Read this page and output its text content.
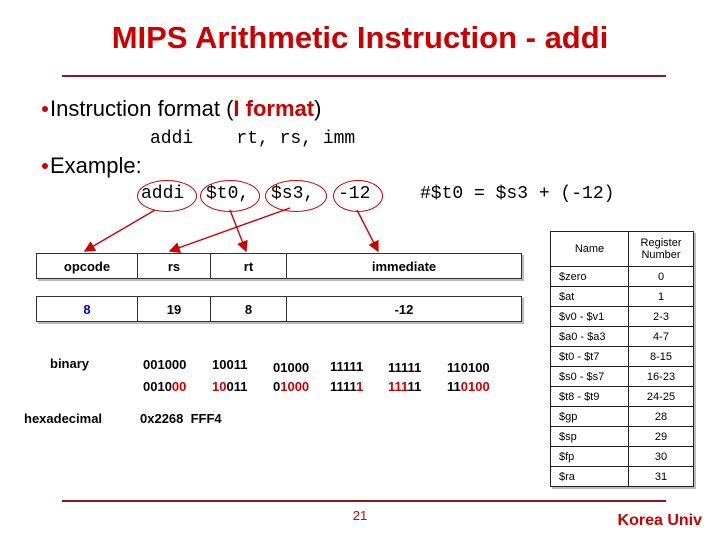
MIPS Arithmetic Instruction - addi
Instruction format (I format)
addi    rt, rs, imm
Example:
addi $t0, $s3, -12	#$t0 = $s3 + (-12)
opcode	rs	rt	immediate
8	19	8	-12
binary	001000 10011 01000 11111 11111 110100
001000 10011 01000 11111 11111 110100
hexadecimal	0x2268  FFF4
Name	Register Number
$zero	0
$at	1
$v0 - $v1	2-3
$a0 - $a3	4-7
$t0 - $t7	8-15
$s0 - $s7	16-23
$t8 - $t9	24-25
$gp	28
$sp	29
$fp	30
$ra	31
21	Korea Univ
